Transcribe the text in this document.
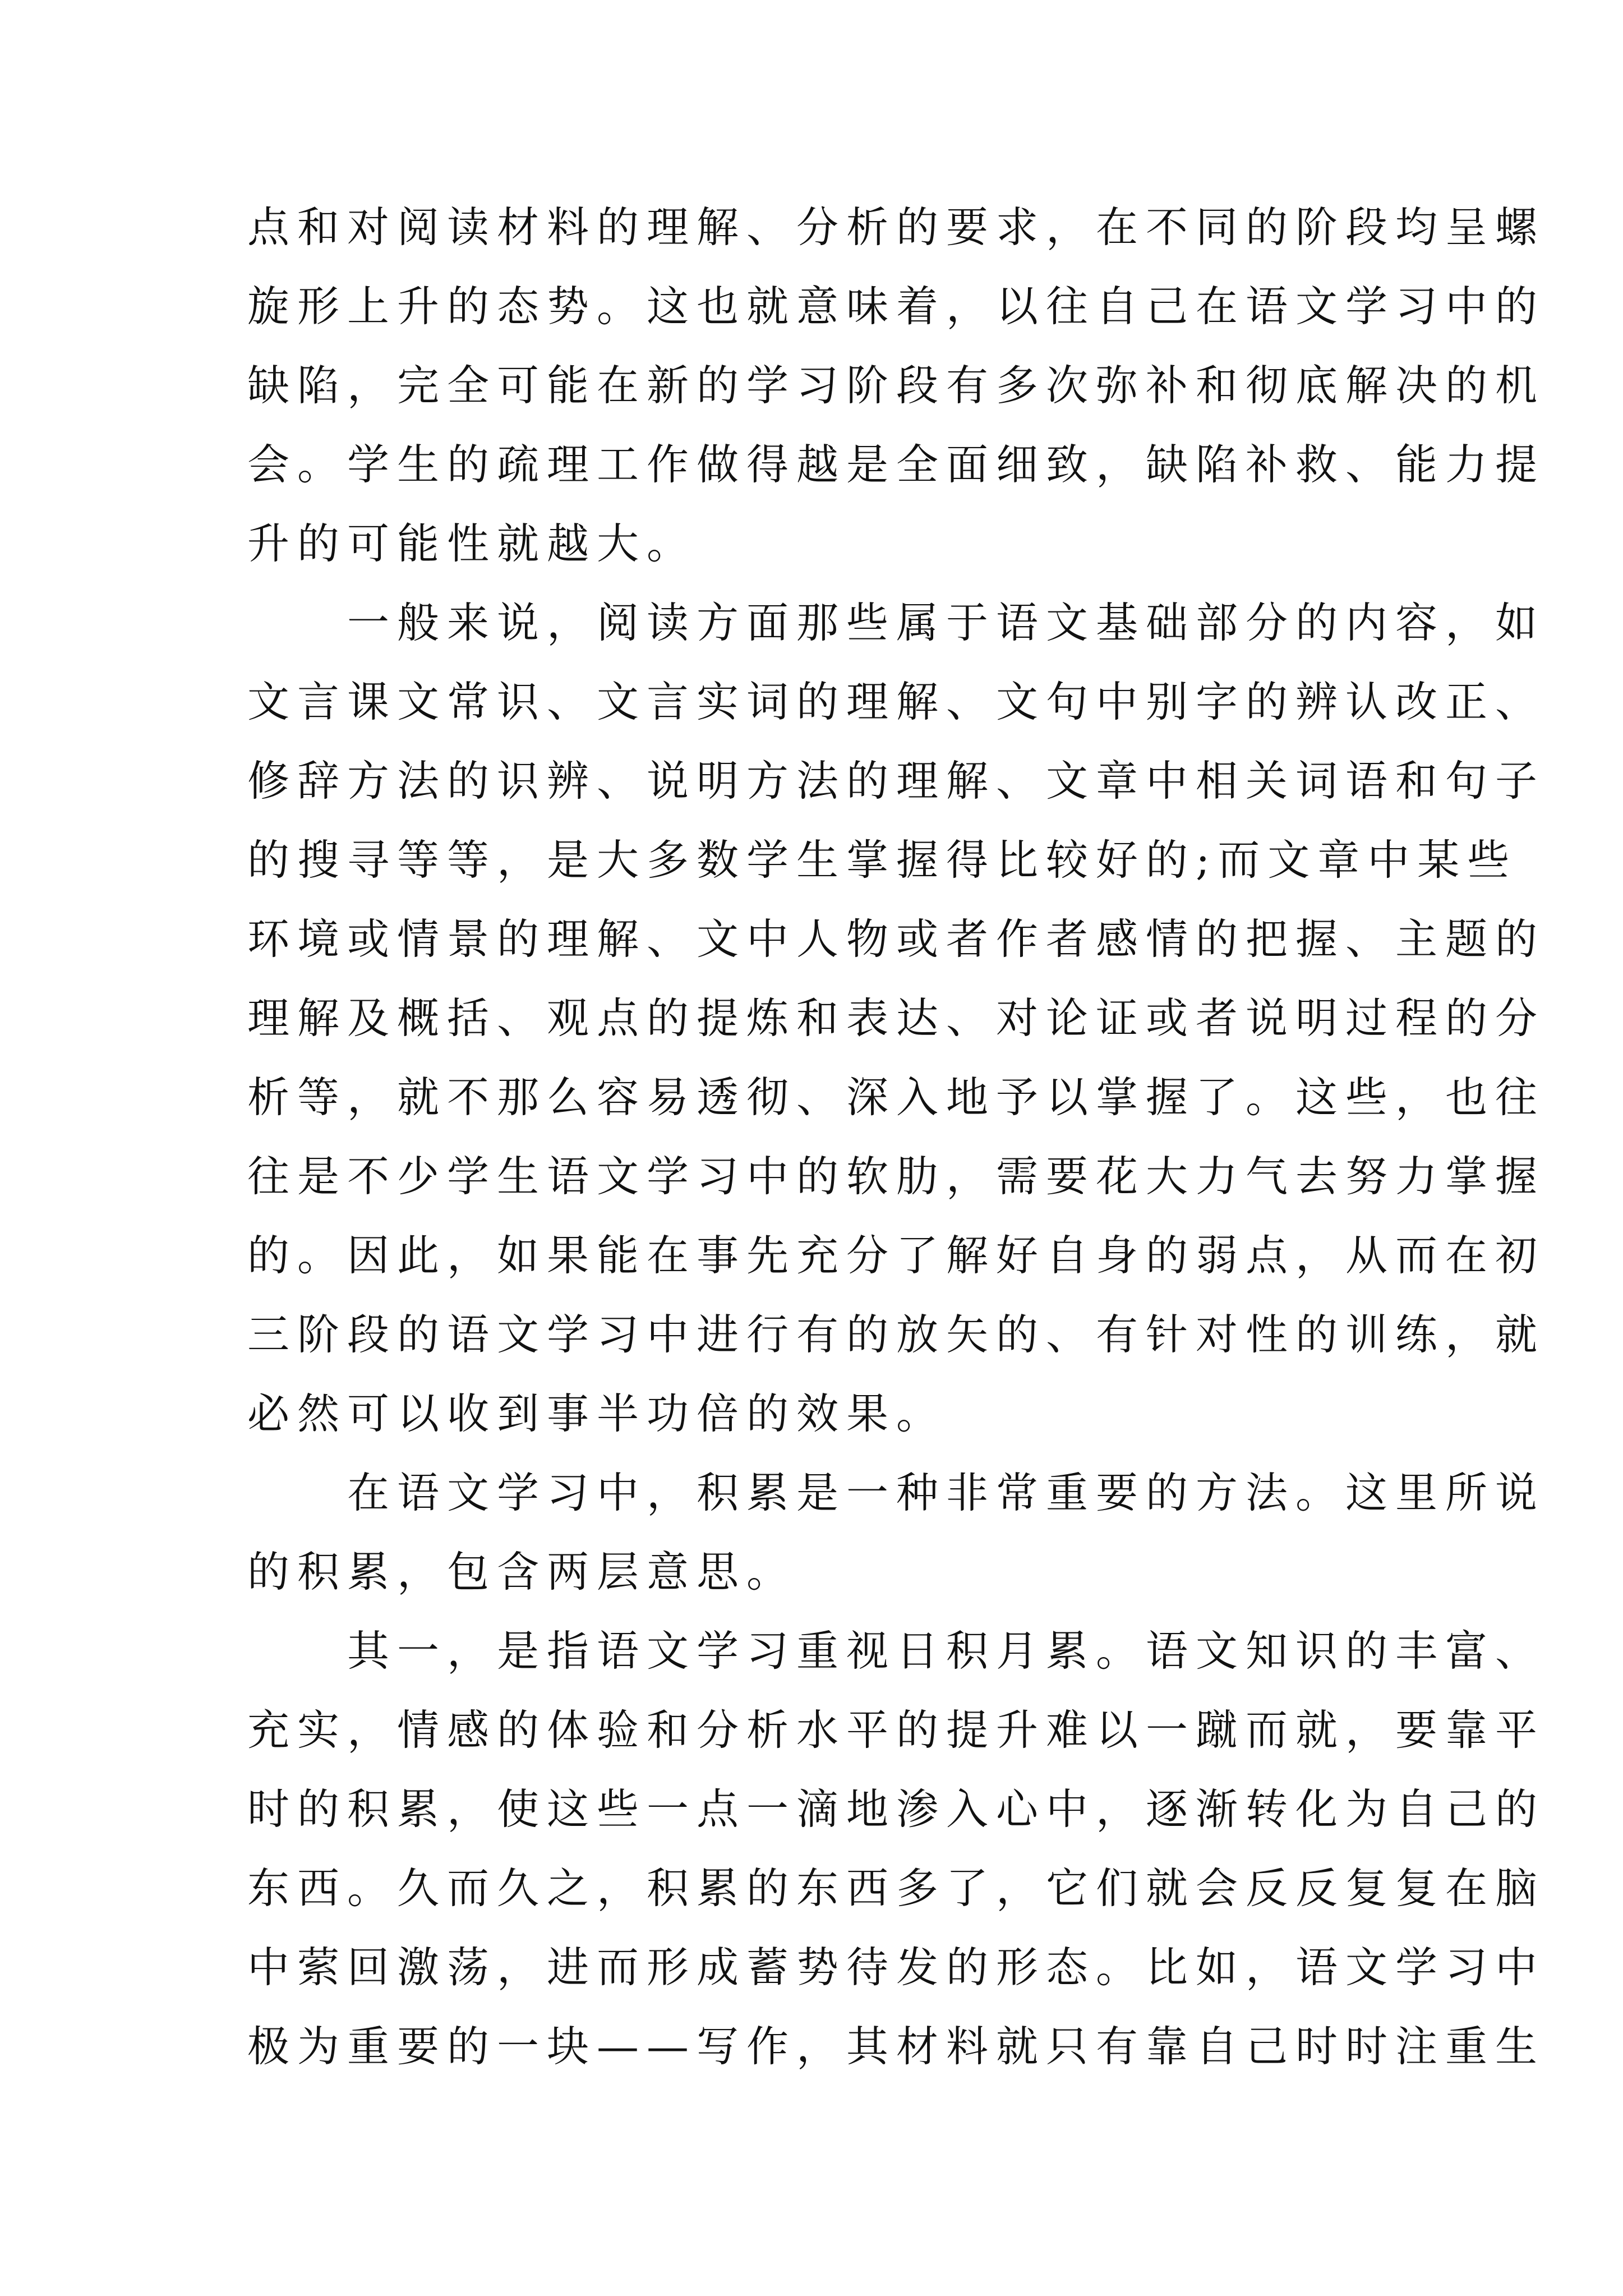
点和对阅读材料的理解、分析的要求，在不同的阶段均呈螺
旋形上升的态势。这也就意味着，以往自己在语文学习中的
缺陷，完全可能在新的学习阶段有多次弥补和彻底解决的机
会。学生的疏理工作做得越是全面细致，缺陷补救、能力提
升的可能性就越大。
一般来说，阅读方面那些属于语文基础部分的内容，如
文言课文常识、文言实词的理解、文句中别字的辨认改正、
修辞方法的识辨、说明方法的理解、文章中相关词语和句子
的搜寻等等，是大多数学生掌握得比较好的;而文章中某些
环境或情景的理解、文中人物或者作者感情的把握、主题的
理解及概括、观点的提炼和表达、对论证或者说明过程的分
析等，就不那么容易透彻、深入地予以掌握了。这些，也往
往是不少学生语文学习中的软肋，需要花大力气去努力掌握
的。因此，如果能在事先充分了解好自身的弱点，从而在初
三阶段的语文学习中进行有的放矢的、有针对性的训练，就
必然可以收到事半功倍的效果。
在语文学习中，积累是一种非常重要的方法。这里所说
的积累，包含两层意思。
其一，是指语文学习重视日积月累。语文知识的丰富、
充实，情感的体验和分析水平的提升难以一蹴而就，要靠平
时的积累，使这些一点一滴地渗入心中，逐渐转化为自己的
东西。久而久之，积累的东西多了，它们就会反反复复在脑
中萦回激荡，进而形成蓄势待发的形态。比如，语文学习中
极为重要的一块——写作，其材料就只有靠自己时时注重生
